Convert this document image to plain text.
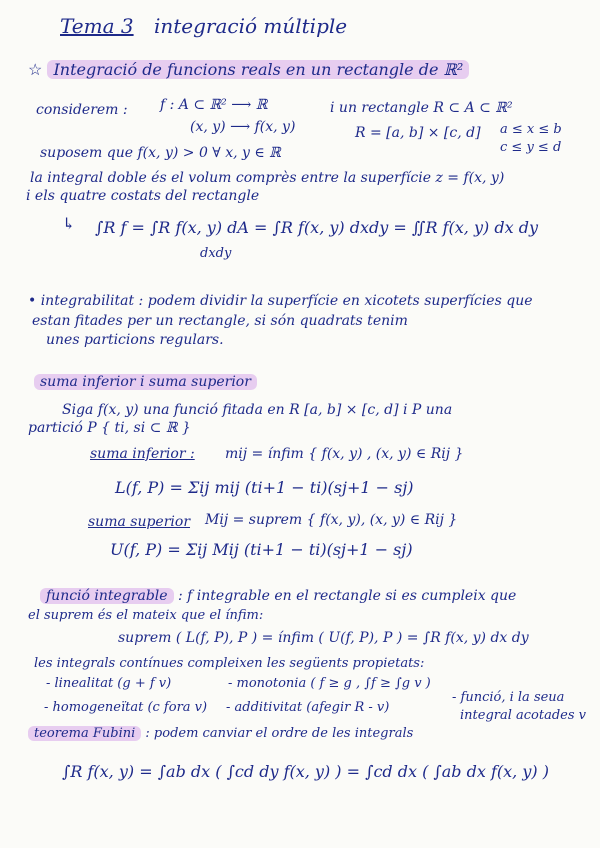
Tema 3 integració múltiple
☆ Integració de funcions reals en un rectangle de ℝ²
considerem : f : A ⊂ ℝ² ⟶ ℝ
(x, y) ⟶ f(x, y)
i un rectangle R ⊂ A ⊂ ℝ²
R = [a, b] × [c, d] a ≤ x ≤ b
c ≤ y ≤ d
suposem que f(x, y) > 0 ∀ x, y ∈ ℝ
la integral doble és el volum comprès entre la superfície z = f(x, y)
i els quatre costats del rectangle
↳ ∫R f = ∫R f(x, y) dA = ∫R f(x, y) dxdy = ∬R f(x, y) dx dy
dxdy
• integrabilitat : podem dividir la superfície en xicotets superfícies que
estan fitades per un rectangle, si són quadrats tenim
unes particions regulars.
suma inferior i suma superior
Siga f(x, y) una funció fitada en R [a, b] × [c, d] i P una
partició P { ti, si ⊂ ℝ }
suma inferior : mij = ínfim { f(x, y) , (x, y) ∈ Rij }
L(f, P) = Σij mij (ti+1 − ti)(sj+1 − sj)
suma superior Mij = suprem { f(x, y), (x, y) ∈ Rij }
U(f, P) = Σij Mij (ti+1 − ti)(sj+1 − sj)
funció integrable : f integrable en el rectangle si es cumpleix que
el suprem és el mateix que el ínfim:
suprem ( L(f, P), P ) = ínfim ( U(f, P), P ) = ∫R f(x, y) dx dy
les integrals contínues compleixen les següents propietats:
- linealitat (g + f v)	- monotonia ( f ≥ g , ∫f ≥ ∫g v )
- homogeneïtat (c fora v) - additivitat (afegir R - v)
- funció, i la seua
integral acotades v
teorema Fubini : podem canviar el ordre de les integrals
∫R f(x, y) = ∫ab dx ( ∫cd dy f(x, y) ) = ∫cd dx ( ∫ab dx f(x, y) )
